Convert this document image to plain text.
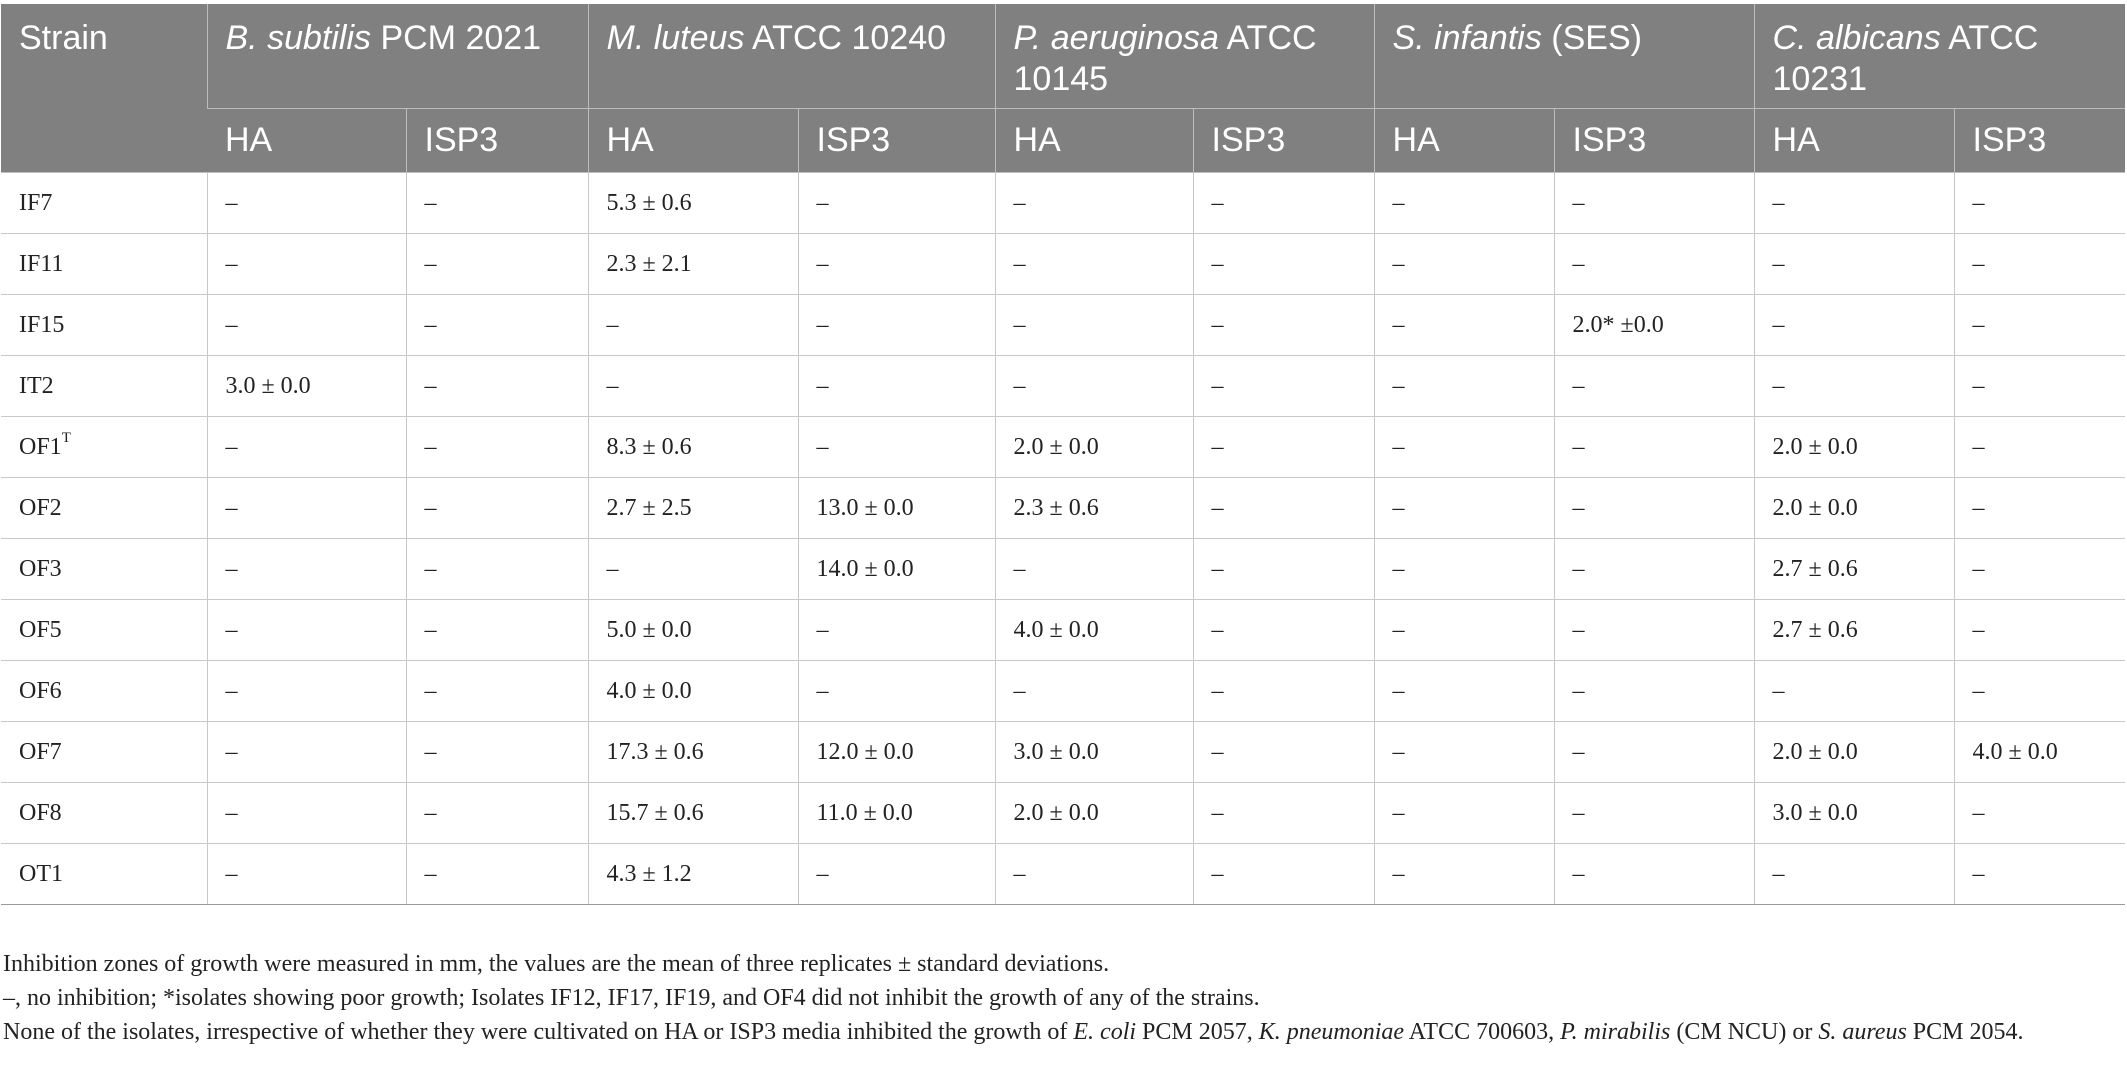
Strain	B. subtilis PCM 2021		M. luteus ATCC 10240		P. aeruginosa ATCC 10145		S. infantis (SES)		C. albicans ATCC 10231	
	HA	ISP3	HA	ISP3	HA	ISP3	HA	ISP3	HA	ISP3
IF7	–	–	5.3 ± 0.6	–	–	–	–	–	–	–
IF11	–	–	2.3 ± 2.1	–	–	–	–	–	–	–
IF15	–	–	–	–	–	–	–	2.0* ±0.0	–	–
IT2	3.0 ± 0.0	–	–	–	–	–	–	–	–	–
$OF1^T$	–	–	8.3 ± 0.6	–	2.0 ± 0.0	–	–	–	2.0 ± 0.0	–
OF2	–	–	2.7 ± 2.5	13.0 ± 0.0	2.3 ± 0.6	–	–	–	2.0 ± 0.0	–
OF3	–	–	–	14.0 ± 0.0	–	–	–	–	2.7 ± 0.6	–
OF5	–	–	5.0 ± 0.0	–	4.0 ± 0.0	–	–	–	2.7 ± 0.6	–
OF6	–	–	4.0 ± 0.0	–	–	–	–	–	–	–
OF7	–	–	17.3 ± 0.6	12.0 ± 0.0	3.0 ± 0.0	–	–	–	2.0 ± 0.0	4.0 ± 0.0
OF8	–	–	15.7 ± 0.6	11.0 ± 0.0	2.0 ± 0.0	–	–	–	3.0 ± 0.0	–
OT1	–	–	4.3 ± 1.2	–	–	–	–	–	–	–

Inhibition zones of growth were measured in mm, the values are the mean of three replicates ± standard deviations.

–, no inhibition; *isolates showing poor growth; Isolates IF12, IF17, IF19, and OF4 did not inhibit the growth of any of the strains.

None of the isolates, irrespective of whether they were cultivated on HA or ISP3 media inhibited the growth of E. coli PCM 2057, K. pneumoniae ATCC 700603, P. mirabilis (CM NCU) or S. aureus PCM 2054.
